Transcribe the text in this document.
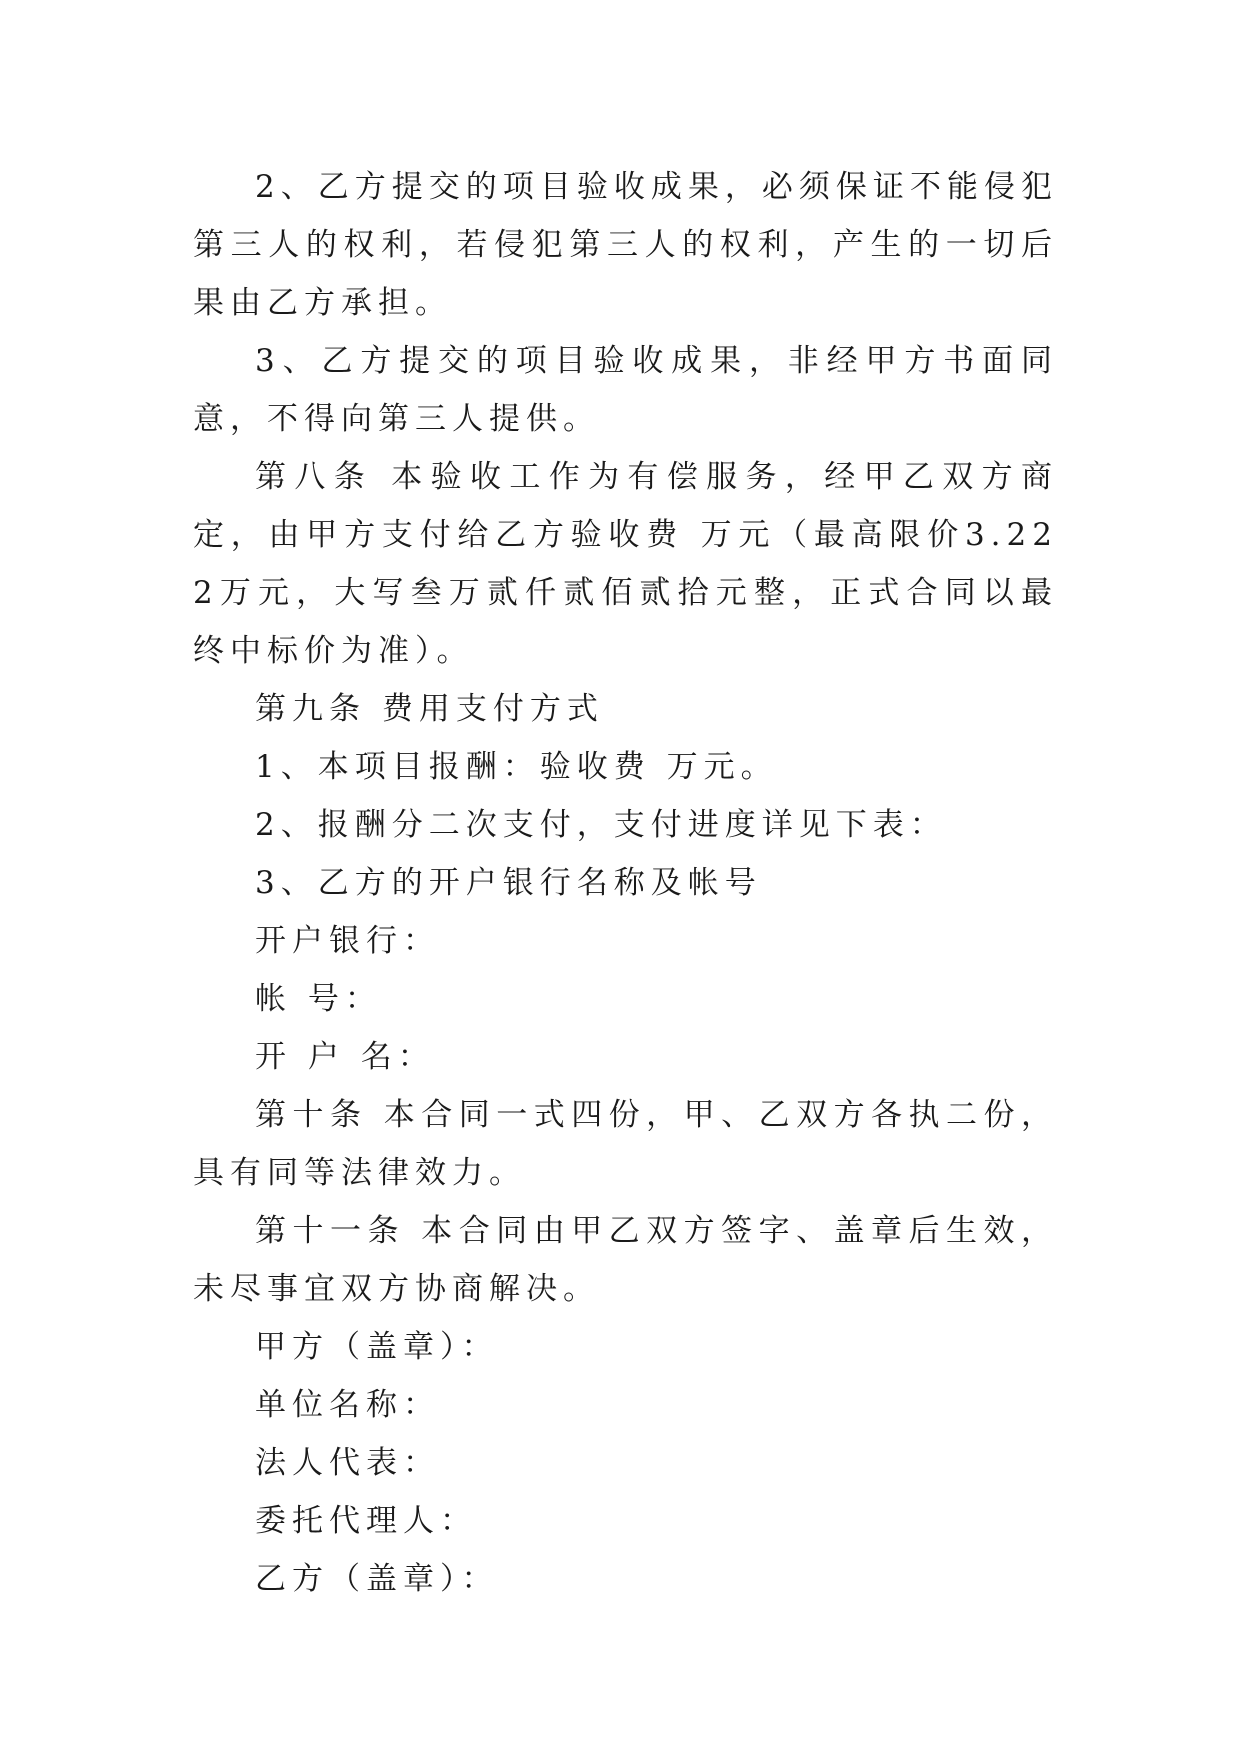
2、乙方提交的项目验收成果，必须保证不能侵犯第三人的权利，若侵犯第三人的权利，产生的一切后果由乙方承担。

3、乙方提交的项目验收成果，非经甲方书面同意，不得向第三人提供。

第八条 本验收工作为有偿服务，经甲乙双方商定，由甲方支付给乙方验收费 万元（最高限价3.222万元，大写叁万贰仟贰佰贰拾元整，正式合同以最终中标价为准）。

第九条 费用支付方式

1、本项目报酬：验收费 万元。

2、报酬分二次支付，支付进度详见下表：

3、乙方的开户银行名称及帐号

开户银行：

帐 号：

开 户 名：

第十条 本合同一式四份，甲、乙双方各执二份，具有同等法律效力。

第十一条 本合同由甲乙双方签字、盖章后生效，未尽事宜双方协商解决。

甲方（盖章）：

单位名称：

法人代表：

委托代理人：

乙方（盖章）：
